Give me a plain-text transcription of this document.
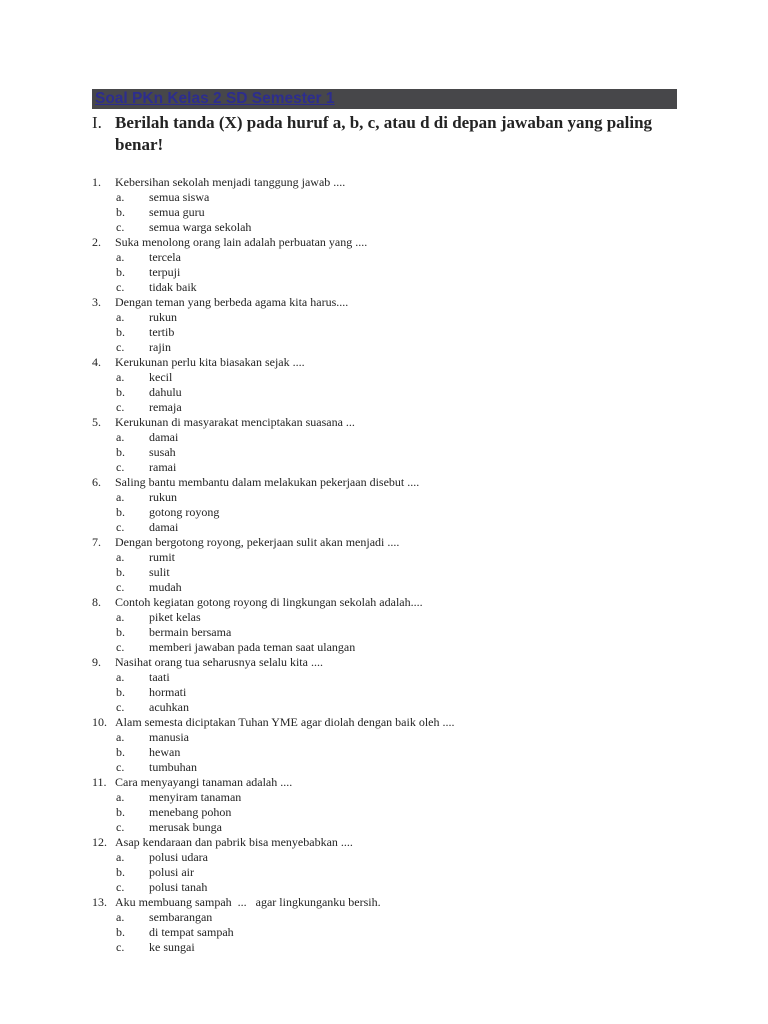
Soal PKn Kelas 2 SD Semester 1
I. Berilah tanda (X) pada huruf a, b, c, atau d di depan jawaban yang paling benar!
1.	Kebersihan sekolah menjadi tanggung jawab ....
a.	semua siswa
b.	semua guru
c.	semua warga sekolah
2.	Suka menolong orang lain adalah perbuatan yang ....
a.	tercela
b.	terpuji
c.	tidak baik
3.	Dengan teman yang berbeda agama kita harus....
a.	rukun
b.	tertib
c.	rajin
4.	Kerukunan perlu kita biasakan sejak ....
a.	kecil
b.	dahulu
c.	remaja
5.	Kerukunan di masyarakat menciptakan suasana ...
a.	damai
b.	susah
c.	ramai
6.	Saling bantu membantu dalam melakukan pekerjaan disebut ....
a.	rukun
b.	gotong royong
c.	damai
7.	Dengan bergotong royong, pekerjaan sulit akan menjadi ....
a.	rumit
b.	sulit
c.	mudah
8.	Contoh kegiatan gotong royong di lingkungan sekolah adalah....
a.	piket kelas
b.	bermain bersama
c.	memberi jawaban pada teman saat ulangan
9.	Nasihat orang tua seharusnya selalu kita ....
a.	taati
b.	hormati
c.	acuhkan
10. Alam semesta diciptakan Tuhan YME agar diolah dengan baik oleh ....
a.	manusia
b.	hewan
c.	tumbuhan
11. Cara menyayangi tanaman adalah ....
a.	menyiram tanaman
b.	menebang pohon
c.	merusak bunga
12. Asap kendaraan dan pabrik bisa menyebabkan ....
a.	polusi udara
b.	polusi air
c.	polusi tanah
13. Aku membuang sampah  ...   agar lingkunganku bersih.
a.	sembarangan
b.	di tempat sampah
c.	ke sungai
